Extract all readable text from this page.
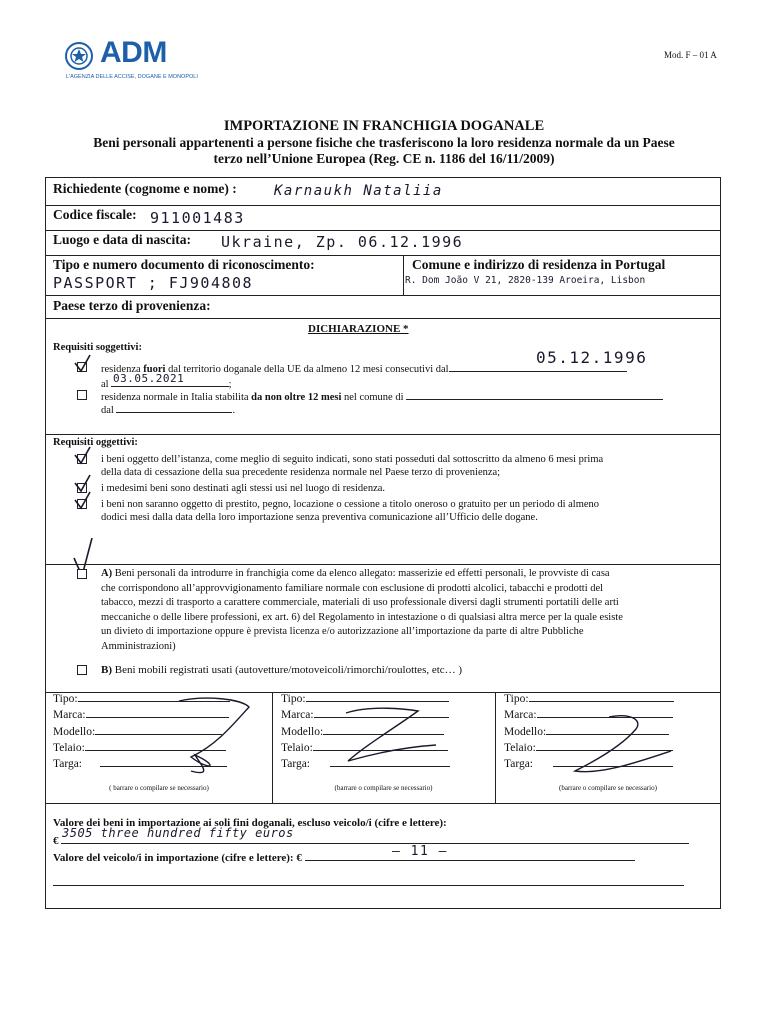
ADM
L'AGENZIA DELLE ACCISE, DOGANE E MONOPOLI
Mod. F – 01 A
IMPORTAZIONE IN FRANCHIGIA DOGANALE
Beni personali appartenenti a persone fisiche che trasferiscono la loro residenza normale da un Paese
terzo nell’Unione Europea (Reg. CE n. 1186 del 16/11/2009)
Richiedente (cognome e nome) :	Karnaukh Nataliia
Codice fiscale: 911001483
Luogo e data di nascita: Ukraine, Zp. 06.12.1996
Tipo e numero documento di riconoscimento:
PASSPORT ; FJ904808
Comune e indirizzo di residenza in Portugal
R. Dom João V 21, 2820-139 Aroeira, Lisbon
Paese terzo di provenienza:
DICHIARAZIONE *
Requisiti soggettivi:
residenza fuori dal territorio doganale della UE da almeno 12 mesi consecutivi dal
05.12.1996
al	;
03.05.2021
residenza normale in Italia stabilita da non oltre 12 mesi nel comune di
dal	.
Requisiti oggettivi:
i beni oggetto dell’istanza, come meglio di seguito indicati, sono stati posseduti dal sottoscritto da almeno 6 mesi prima
della data di cessazione della sua precedente residenza normale nel Paese terzo di provenienza;
i medesimi beni sono destinati agli stessi usi nel luogo di residenza.
i beni non saranno oggetto di prestito, pegno, locazione o cessione a titolo oneroso o gratuito per un periodo di almeno
dodici mesi dalla data della loro importazione senza preventiva comunicazione all’Ufficio delle dogane.
A) Beni personali da introdurre in franchigia come da elenco allegato: masserizie ed effetti personali, le provviste di casa
che corrispondono all’approvvigionamento familiare normale con esclusione di prodotti alcolici, tabacchi e prodotti del
tabacco, mezzi di trasporto a carattere commerciale, materiali di uso professionale diversi dagli strumenti portatili delle arti
meccaniche o delle libere professioni, ex art. 6) del Regolamento in intestazione o di qualsiasi altra merce per la quale esiste
un divieto di importazione oppure è prevista licenza e/o autorizzazione all’importazione da parte di altre Pubbliche
Amministrazioni)
B) Beni mobili registrati usati (autovetture/motoveicoli/rimorchi/roulottes, etc… )
Tipo:
Marca:
Modello:
Telaio:
Targa:
Tipo:
Marca:
Modello:
Telaio:
Targa:
Tipo:
Marca:
Modello:
Telaio:
Targa:
( barrare o compilare se necessario)	(barrare o compilare se necessario)	(barrare o compilare se necessario)
Valore dei beni in importazione ai soli fini doganali, escluso veicolo/i (cifre e lettere):
€
3505 three hundred fifty euros
Valore del veicolo/i in importazione (cifre e lettere): €	— 11 —
